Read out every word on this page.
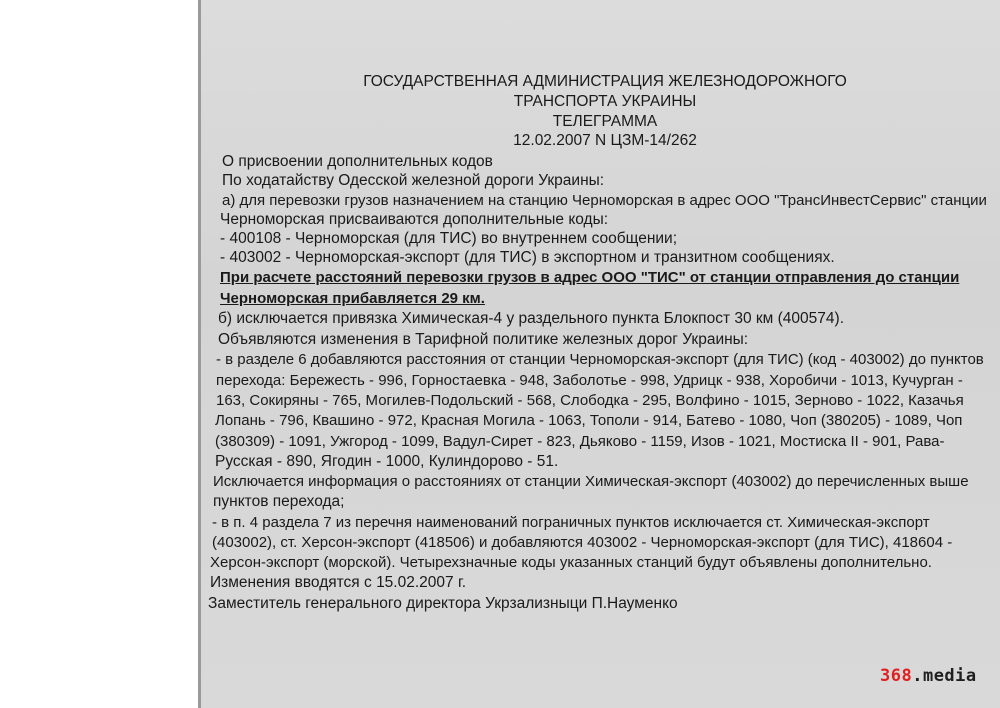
ГОСУДАРСТВЕННАЯ АДМИНИСТРАЦИЯ ЖЕЛЕЗНОДОРОЖНОГО
ТРАНСПОРТА УКРАИНЫ
ТЕЛЕГРАММА
12.02.2007 N ЦЗМ-14/262
О присвоении дополнительных кодов
По ходатайству Одесской железной дороги Украины:
а) для перевозки грузов назначением на станцию Черноморская в адрес ООО "ТрансИнвестСервис" станции
Черноморская присваиваются дополнительные коды:
- 400108 - Черноморская (для ТИС) во внутреннем сообщении;
- 403002 - Черноморская-экспорт (для ТИС) в экспортном и транзитном сообщениях.
При расчете расстояний перевозки грузов в адрес ООО "ТИС" от станции отправления до станции
Черноморская прибавляется 29 км.
б) исключается привязка Химическая-4 у раздельного пункта Блокпост 30 км (400574).
Объявляются изменения в Тарифной политике железных дорог Украины:
- в разделе 6 добавляются расстояния от станции Черноморская-экспорт (для ТИС) (код - 403002) до пунктов
перехода: Бережесть - 996, Горностаевка - 948, Заболотье - 998, Удрицк - 938, Хоробичи - 1013, Кучурган -
163, Сокиряны - 765, Могилев-Подольский - 568, Слободка - 295, Волфино - 1015, Зерново - 1022, Казачья
Лопань - 796, Квашино - 972, Красная Могила - 1063, Тополи - 914, Батево - 1080, Чоп (380205) - 1089, Чоп
(380309) - 1091, Ужгород - 1099, Вадул-Сирет - 823, Дьяково - 1159, Изов - 1021, Мостиска II - 901, Рава-
Русская - 890, Ягодин - 1000, Кулиндорово - 51.
Исключается информация о расстояниях от станции Химическая-экспорт (403002) до перечисленных выше
пунктов перехода;
- в п. 4 раздела 7 из перечня наименований пограничных пунктов исключается ст. Химическая-экспорт
(403002), ст. Херсон-экспорт (418506) и добавляются 403002 - Черноморская-экспорт (для ТИС), 418604 -
Херсон-экспорт (морской). Четырехзначные коды указанных станций будут объявлены дополнительно.
Изменения вводятся с 15.02.2007 г.
Заместитель генерального директора Укрзализныци П.Науменко
368.media
